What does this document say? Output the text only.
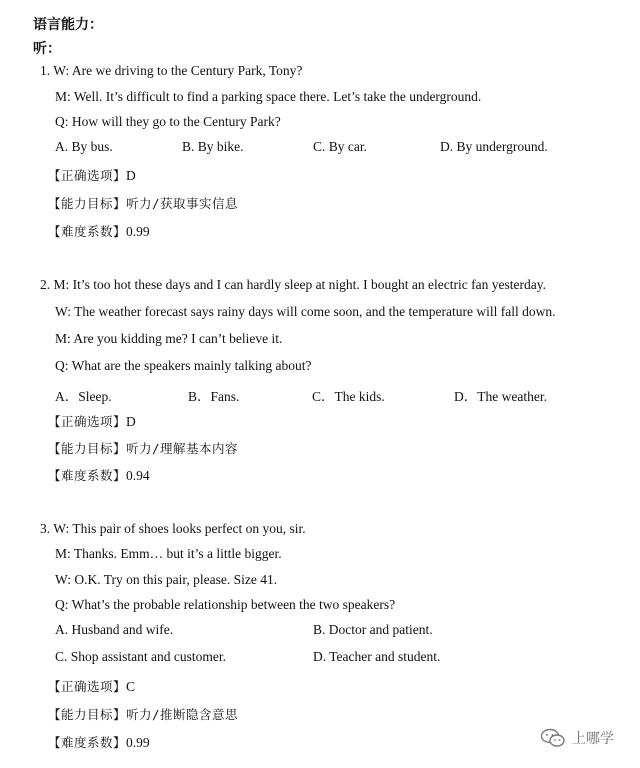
语言能力：
听：
1. W: Are we driving to the Century Park, Tony?
M: Well. It’s difficult to find a parking space there. Let’s take the underground.
Q: How will they go to the Century Park?
A. By bus.	B. By bike.	C. By car.	D. By underground.
【正确选项】D
【能力目标】听力/获取事实信息
【难度系数】0.99
2. M: It’s too hot these days and I can hardly sleep at night. I bought an electric fan yesterday.
W: The weather forecast says rainy days will come soon, and the temperature will fall down.
M: Are you kidding me? I can’t believe it.
Q: What are the speakers mainly talking about?
A．Sleep.	B．Fans.	C．The kids.	D．The weather.
【正确选项】D
【能力目标】听力/理解基本内容
【难度系数】0.94
3. W: This pair of shoes looks perfect on you, sir.
M: Thanks. Emm… but it’s a little bigger.
W: O.K. Try on this pair, please. Size 41.
Q: What’s the probable relationship between the two speakers?
A. Husband and wife.	B. Doctor and patient.
C. Shop assistant and customer.	D. Teacher and student.
【正确选项】C
【能力目标】听力/推断隐含意思
【难度系数】0.99	上哪学
